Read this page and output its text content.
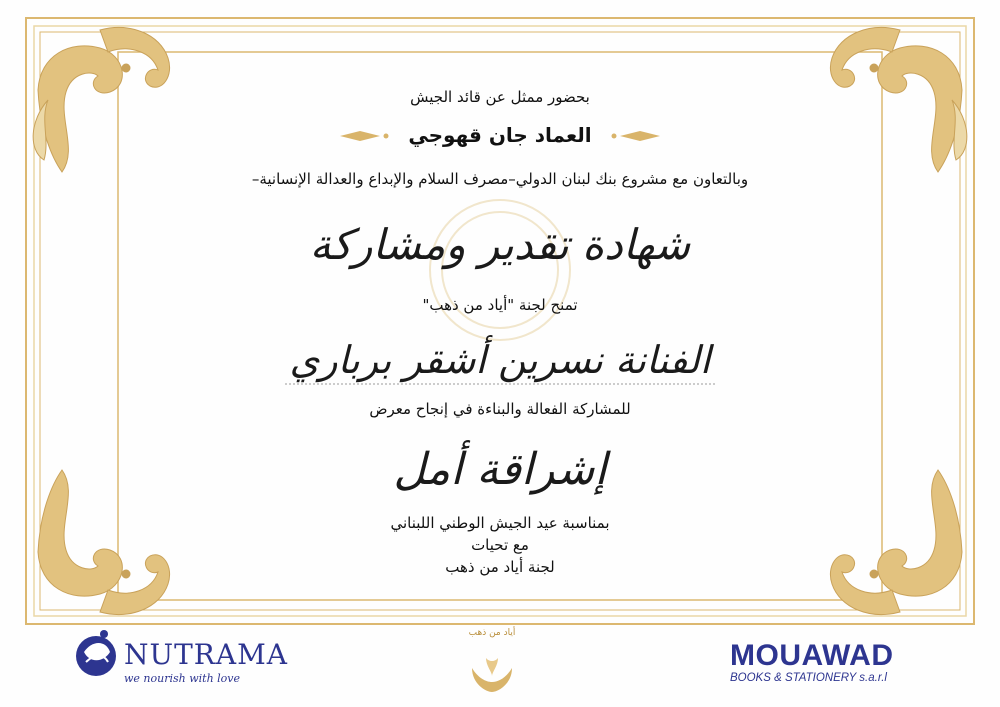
بحضور ممثل عن قائد الجيش
العماد جان قهوجي
وبالتعاون مع مشروع بنك لبنان الدولي–مصرف السلام والإبداع والعدالة الإنسانية–
شهادة تقدير ومشاركة
تمنح لجنة "أياد من ذهب"
الفنانة نسرين أشقر برباري
للمشاركة الفعالة والبناءة في إنجاح معرض
إشراقة أمل
بمناسبة عيد الجيش الوطني اللبناني
مع تحيات
لجنة أياد من ذهب
NUTRAMA
we nourish with love
أياد من ذهب
MOUAWAD
BOOKS & STATIONERY s.a.r.l
